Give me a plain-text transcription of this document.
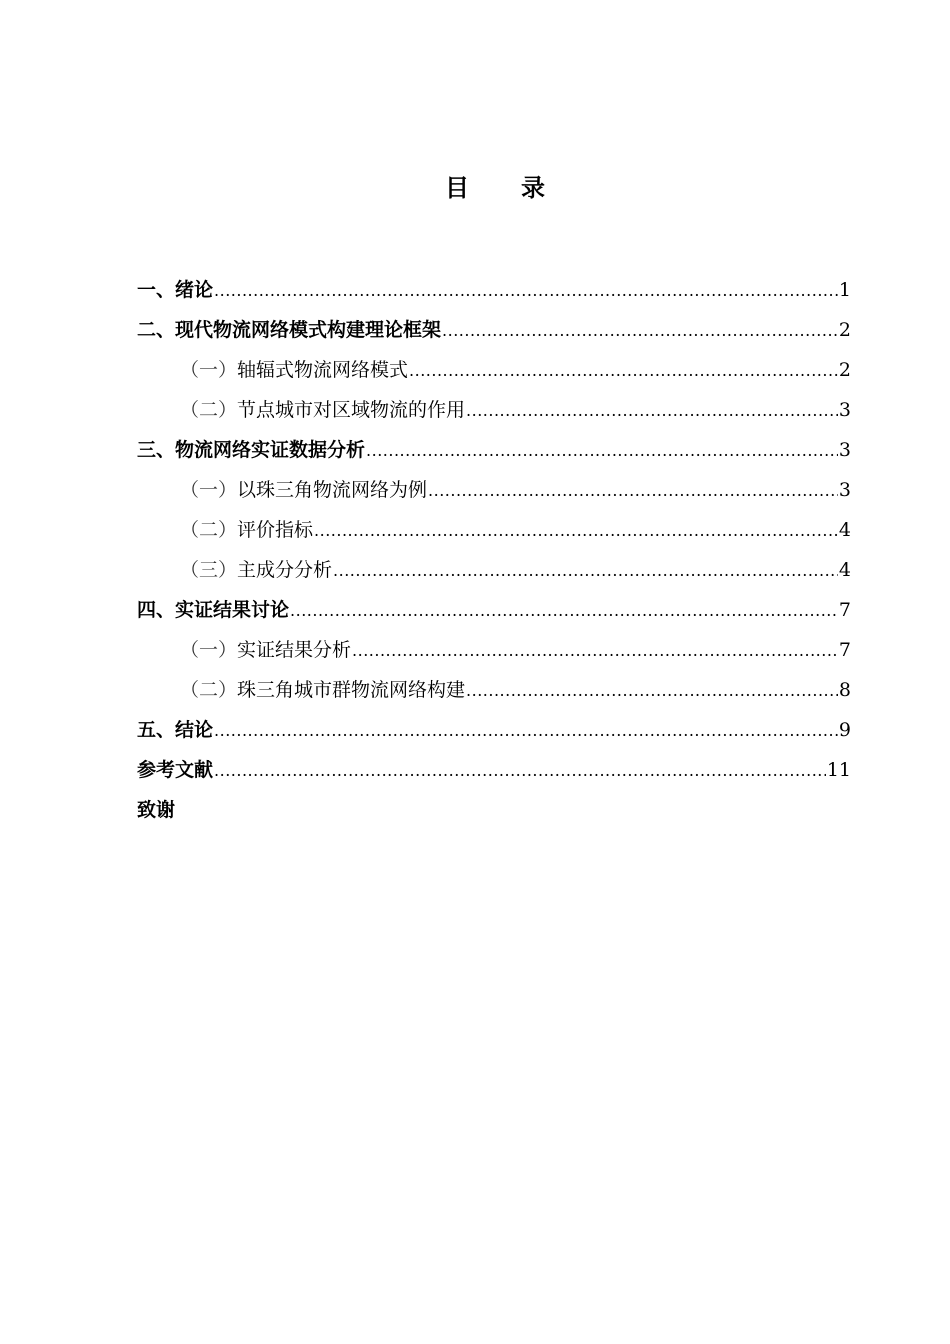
目 录
一、 绪论 .....	1
二、 现代物流网络模式构建理论框架 .....	2
（一） 轴辐式物流网络模式 .....	2
（二） 节点城市对区域物流的作用 .....	3
三、 物流网络实证数据分析 .....	3
（一） 以珠三角物流网络为例 .....	3
（二） 评价指标 .....	4
（三） 主成分分析 .....	4
四、 实证结果讨论 .....	7
（一） 实证结果分析 .....	7
（二） 珠三角城市群物流网络构建 .....	8
五、 结论 .....	9
参考文献 .....	11
致谢
